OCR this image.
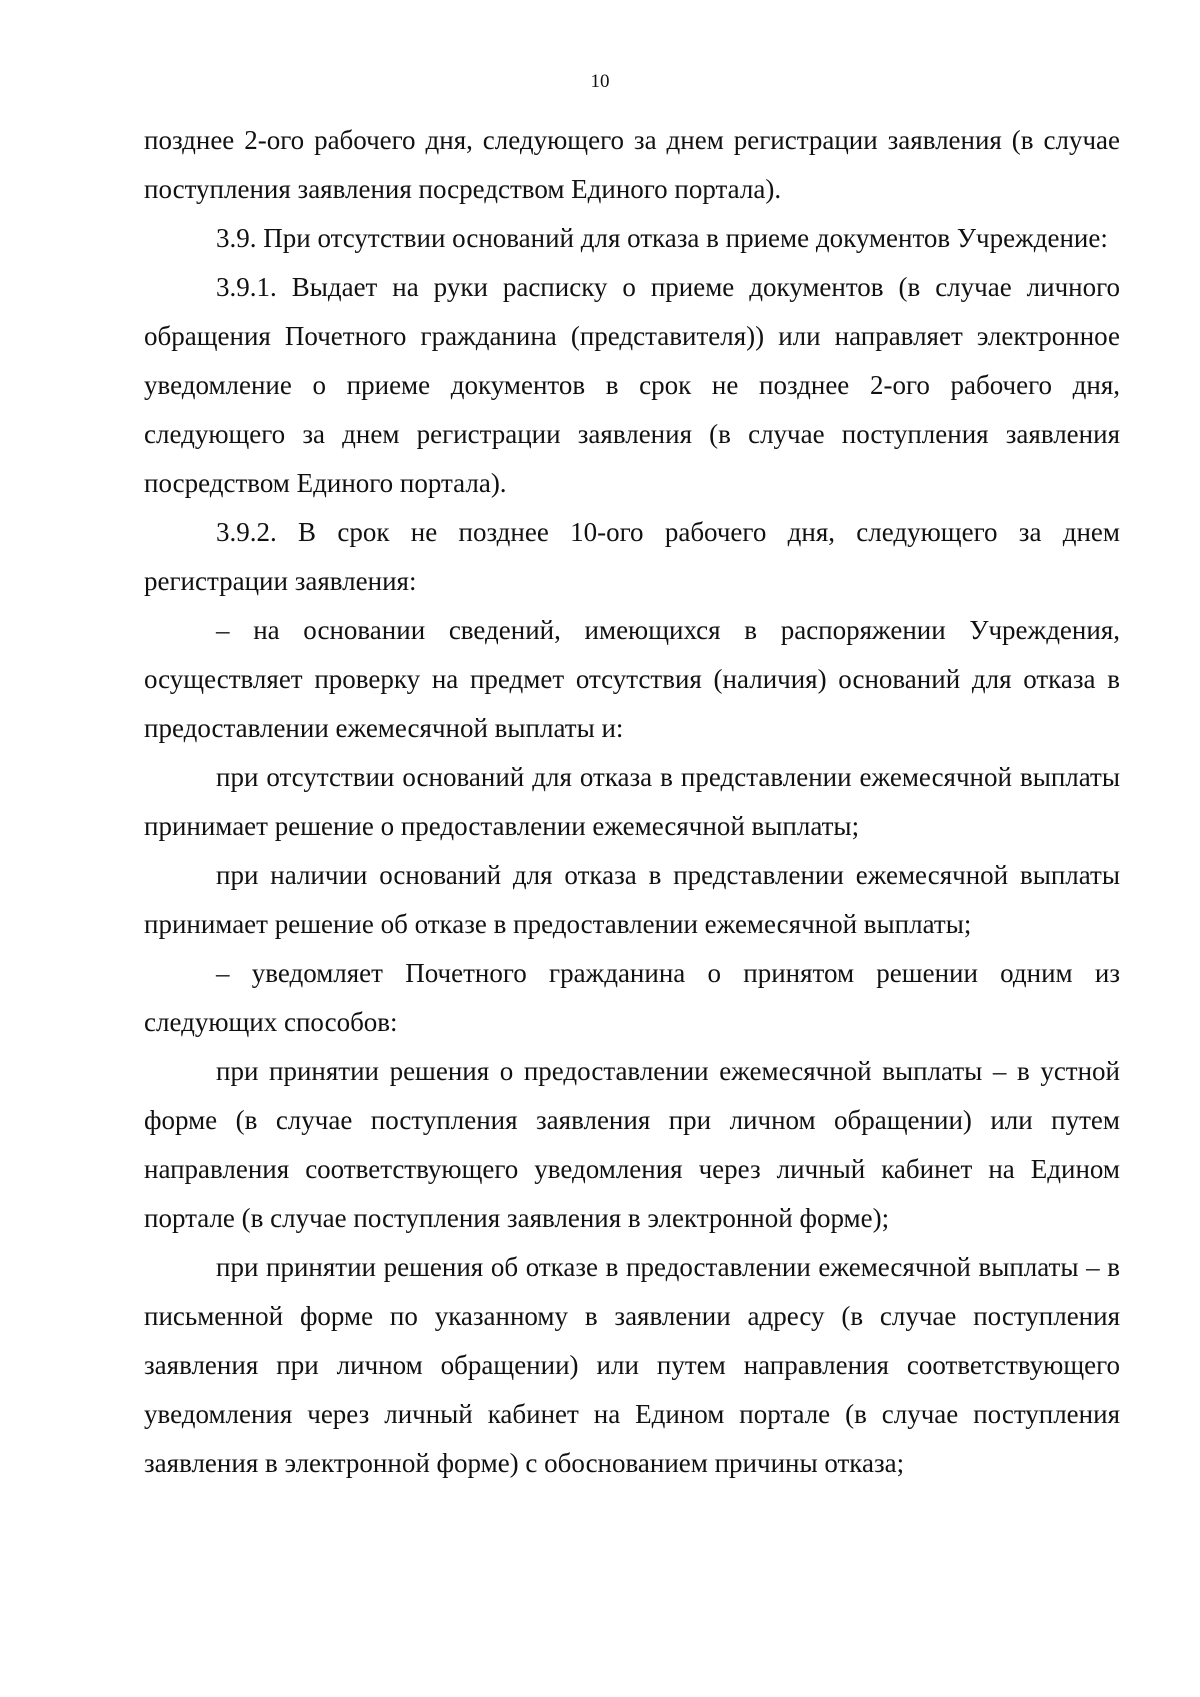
10

позднее 2-ого рабочего дня, следующего за днем регистрации заявления (в случае поступления заявления посредством Единого портала).

3.9. При отсутствии оснований для отказа в приеме документов Учреждение:

3.9.1. Выдает на руки расписку о приеме документов (в случае личного обращения Почетного гражданина (представителя)) или направляет электронное уведомление о приеме документов в срок не позднее 2-ого рабочего дня, следующего за днем регистрации заявления (в случае поступления заявления посредством Единого портала).

3.9.2. В срок не позднее 10-ого рабочего дня, следующего за днем регистрации заявления:

– на основании сведений, имеющихся в распоряжении Учреждения, осуществляет проверку на предмет отсутствия (наличия) оснований для отказа в предоставлении ежемесячной выплаты и:

при отсутствии оснований для отказа в представлении ежемесячной выплаты принимает решение о предоставлении ежемесячной выплаты;

при наличии оснований для отказа в представлении ежемесячной выплаты принимает решение об отказе в предоставлении ежемесячной выплаты;

– уведомляет Почетного гражданина о принятом решении одним из следующих способов:

при принятии решения о предоставлении ежемесячной выплаты – в устной форме (в случае поступления заявления при личном обращении) или путем направления соответствующего уведомления через личный кабинет на Едином портале (в случае поступления заявления в электронной форме);

при принятии решения об отказе в предоставлении ежемесячной выплаты – в письменной форме по указанному в заявлении адресу (в случае поступления заявления при личном обращении) или путем направления соответствующего уведомления через личный кабинет на Едином портале (в случае поступления заявления в электронной форме) с обоснованием причины отказа;
